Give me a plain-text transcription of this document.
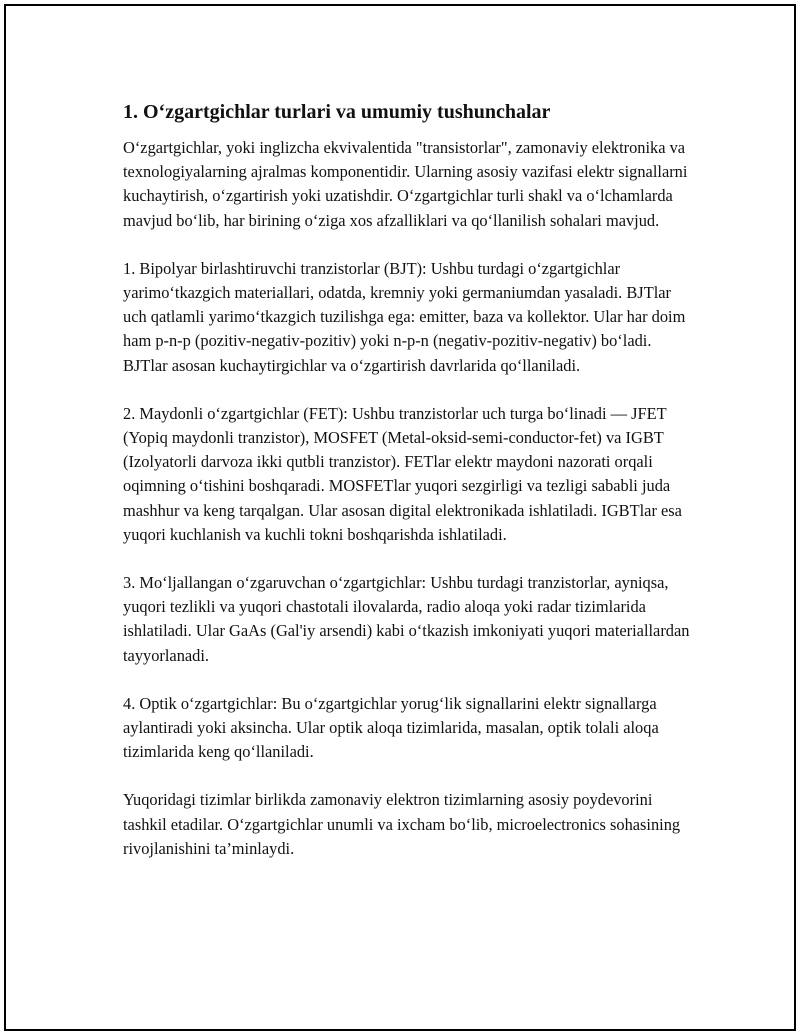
1. O‘zgartgichlar turlari va umumiy tushunchalar

O‘zgartgichlar, yoki inglizcha ekvivalentida "transistorlar", zamonaviy elektronika va texnologiyalarning ajralmas komponentidir. Ularning asosiy vazifasi elektr signallarni kuchaytirish, o‘zgartirish yoki uzatishdir. O‘zgartgichlar turli shakl va o‘lchamlarda mavjud bo‘lib, har birining o‘ziga xos afzalliklari va qo‘llanilish sohalari mavjud.

1. Bipolyar birlashtiruvchi tranzistorlar (BJT): Ushbu turdagi o‘zgartgichlar yarimo‘tkazgich materiallari, odatda, kremniy yoki germaniumdan yasaladi. BJTlar uch qatlamli yarimo‘tkazgich tuzilishga ega: emitter, baza va kollektor. Ular har doim ham p-n-p (pozitiv-negativ-pozitiv) yoki n-p-n (negativ-pozitiv-negativ) bo‘ladi. BJTlar asosan kuchaytirgichlar va o‘zgartirish davrlarida qo‘llaniladi.

2. Maydonli o‘zgartgichlar (FET): Ushbu tranzistorlar uch turga bo‘linadi — JFET (Yopiq maydonli tranzistor), MOSFET (Metal-oksid-semi-conductor-fet) va IGBT (Izolyatorli darvoza ikki qutbli tranzistor). FETlar elektr maydoni nazorati orqali oqimning o‘tishini boshqaradi. MOSFETlar yuqori sezgirligi va tezligi sababli juda mashhur va keng tarqalgan. Ular asosan digital elektronikada ishlatiladi. IGBTlar esa yuqori kuchlanish va kuchli tokni boshqarishda ishlatiladi.

3. Mo‘ljallangan o‘zgaruvchan o‘zgartgichlar: Ushbu turdagi tranzistorlar, ayniqsa, yuqori tezlikli va yuqori chastotali ilovalarda, radio aloqa yoki radar tizimlarida ishlatiladi. Ular GaAs (Gal'iy arsendi) kabi o‘tkazish imkoniyati yuqori materiallardan tayyorlanadi.

4. Optik o‘zgartgichlar: Bu o‘zgartgichlar yorug‘lik signallarini elektr signallarga aylantiradi yoki aksincha. Ular optik aloqa tizimlarida, masalan, optik tolali aloqa tizimlarida keng qo‘llaniladi.

Yuqoridagi tizimlar birlikda zamonaviy elektron tizimlarning asosiy poydevorini tashkil etadilar. O‘zgartgichlar unumli va ixcham bo‘lib, microelectronics sohasining rivojlanishini ta’minlaydi.
